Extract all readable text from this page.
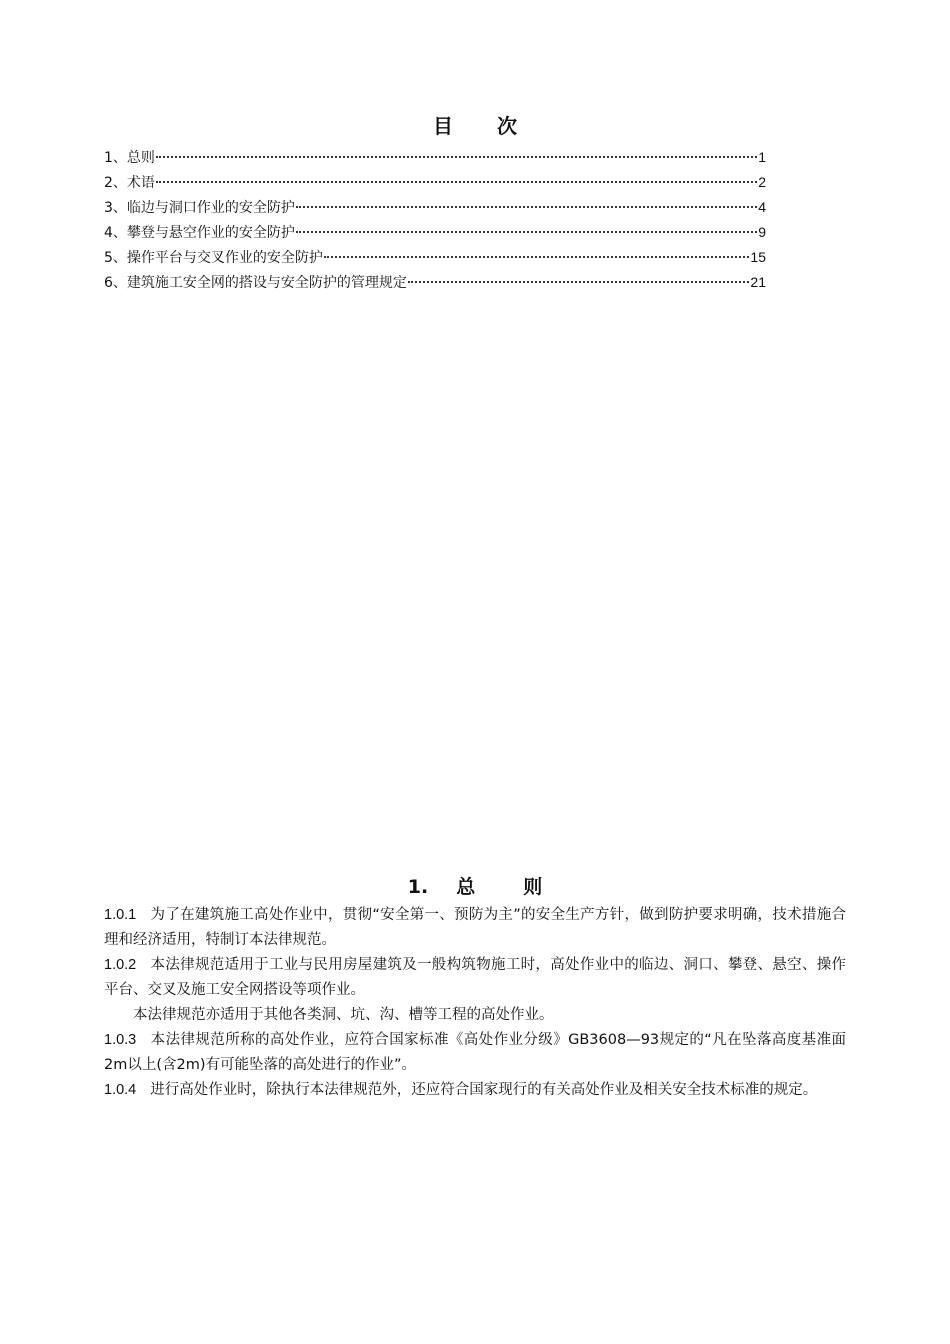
目次
1、总则	1
2、术语	2
3、临边与洞口作业的安全防护	4
4、攀登与悬空作业的安全防护	9
5、操作平台与交叉作业的安全防护	15
6、建筑施工安全网的搭设与安全防护的管理规定	21
1. 总	则

1.0.1 为了在建筑施工高处作业中，贯彻“安全第一、预防为主”的安全生产方针，做到防护要求明确，技术措施合理和经济适用，特制订本法律规范。

1.0.2 本法律规范适用于工业与民用房屋建筑及一般构筑物施工时，高处作业中的临边、洞口、攀登、悬空、操作平台、交叉及施工安全网搭设等项作业。

本法律规范亦适用于其他各类洞、坑、沟、槽等工程的高处作业。

1.0.3 本法律规范所称的高处作业，应符合国家标准《高处作业分级》GB3608—93规定的“凡在坠落高度基准面2m以上(含2m)有可能坠落的高处进行的作业”。

1.0.4 进行高处作业时，除执行本法律规范外，还应符合国家现行的有关高处作业及相关安全技术标准的规定。
